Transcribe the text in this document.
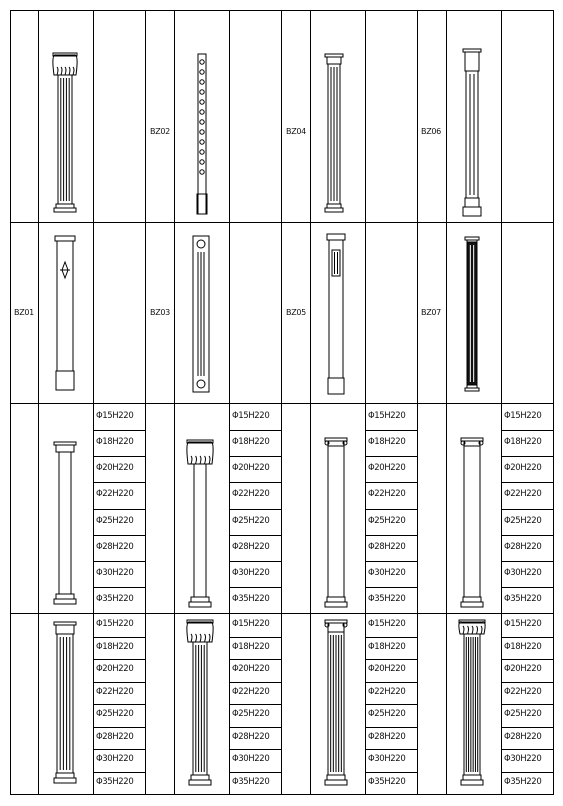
BZ01
BZ02
BZ03
BZ04
BZ05
BZ06
BZ07
Φ15H220
Φ18H220
Φ20H220
Φ22H220
Φ25H220
Φ28H220
Φ30H220
Φ35H220
Φ15H220
Φ18H220
Φ20H220
Φ22H220
Φ25H220
Φ28H220
Φ30H220
Φ35H220
Φ15H220
Φ18H220
Φ20H220
Φ22H220
Φ25H220
Φ28H220
Φ30H220
Φ35H220
Φ15H220
Φ18H220
Φ20H220
Φ22H220
Φ25H220
Φ28H220
Φ30H220
Φ35H220
Φ15H220
Φ18H220
Φ20H220
Φ22H220
Φ25H220
Φ28H220
Φ30H220
Φ35H220
Φ15H220
Φ18H220
Φ20H220
Φ22H220
Φ25H220
Φ28H220
Φ30H220
Φ35H220
Φ15H220
Φ18H220
Φ20H220
Φ22H220
Φ25H220
Φ28H220
Φ30H220
Φ35H220
Φ15H220
Φ18H220
Φ20H220
Φ22H220
Φ25H220
Φ28H220
Φ30H220
Φ35H220
